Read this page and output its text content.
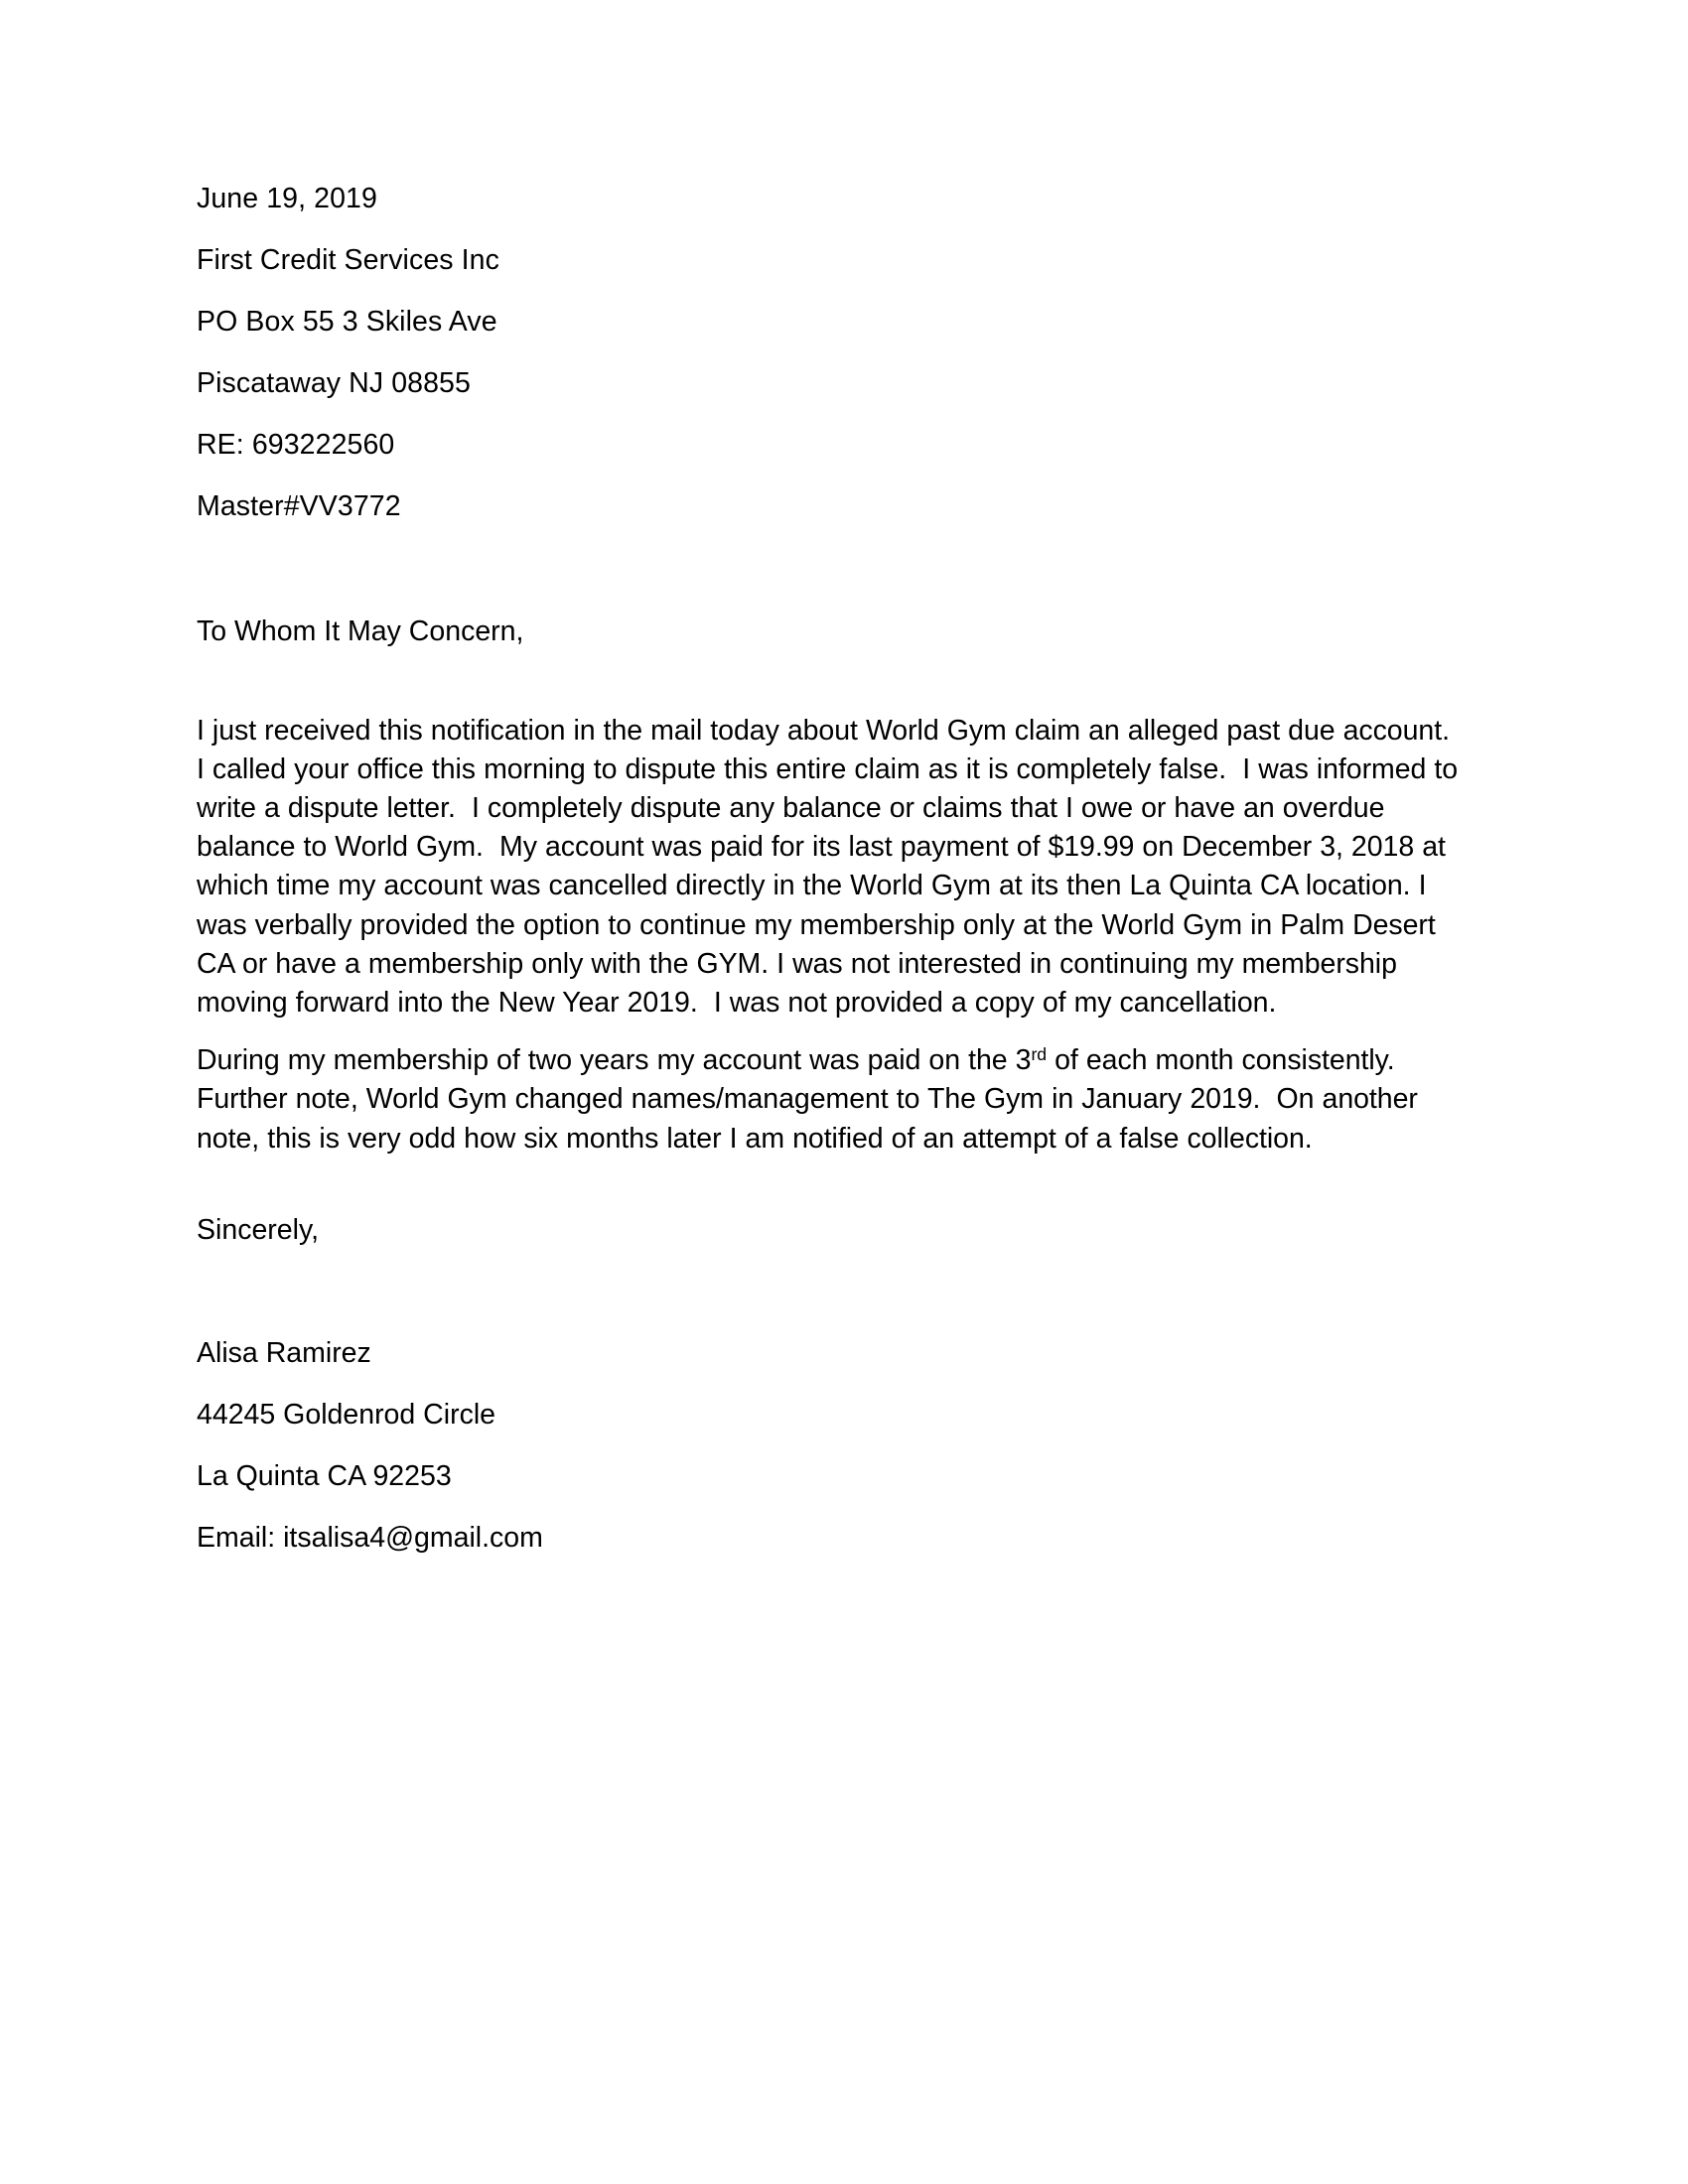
June 19, 2019
First Credit Services Inc
PO Box 55 3 Skiles Ave
Piscataway NJ 08855
RE: 693222560
Master#VV3772
To Whom It May Concern,

I just received this notification in the mail today about World Gym claim an alleged past due account.  I called your office this morning to dispute this entire claim as it is completely false.  I was informed to write a dispute letter.  I completely dispute any balance or claims that I owe or have an overdue balance to World Gym.  My account was paid for its last payment of $19.99 on December 3, 2018 at which time my account was cancelled directly in the World Gym at its then La Quinta CA location. I was verbally provided the option to continue my membership only at the World Gym in Palm Desert CA or have a membership only with the GYM. I was not interested in continuing my membership moving forward into the New Year 2019.  I was not provided a copy of my cancellation.

During my membership of two years my account was paid on the 3rd of each month consistently. Further note, World Gym changed names/management to The Gym in January 2019.  On another note, this is very odd how six months later I am notified of an attempt of a false collection.

Sincerely,
Alisa Ramirez
44245 Goldenrod Circle
La Quinta CA 92253
Email: itsalisa4@gmail.com
